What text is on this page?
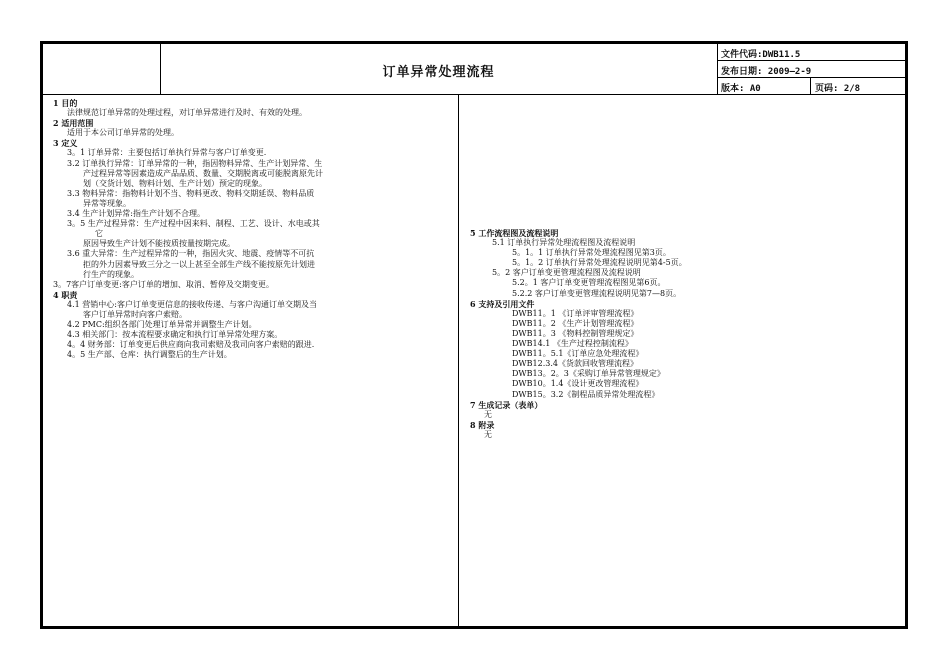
订单异常处理流程
文件代码:DWB11.5
发布日期: 2009—2-9
版本: A0	页码: 2/8
1 目的
法律规范订单异常的处理过程，对订单异常进行及时、有效的处理。
2 适用范围
适用于本公司订单异常的处理。
3 定义
3。1 订单异常：主要包括订单执行异常与客户订单变更.
3.2 订单执行异常：订单异常的一种，指因物料异常、生产计划异常、生
产过程异常等因素造成产品品质、数量、交期脱离或可能脱离原先计
划（交货计划、物料计划、生产计划）预定的现象。
3.3 物料异常：指物料计划不当、物料更改、物料交期延误、物料品质
异常等现象。
3.4 生产计划异常:指生产计划不合理。
3。5 生产过程异常：生产过程中因来料、制程、工艺、设计、水电或其
它
原因导致生产计划不能按质按量按期完成。
3.6 重大异常：生产过程异常的一种，指因火灾、地震、疫情等不可抗
拒的外力因素导致三分之一以上甚至全部生产线不能按原先计划进
行生产的现象。
3。7客户订单变更:客户订单的增加、取消、暂停及交期变更。
4 职责
4.1 营销中心:客户订单变更信息的接收传递、与客户沟通订单交期及当
客户订单异常时向客户索赔。
4.2 PMC:组织各部门处理订单异常并调整生产计划。
4.3 相关部门：按本流程要求确定和执行订单异常处理方案。
4。4 财务部：订单变更后供应商向我司索赔及我司向客户索赔的跟进.
4。5 生产部、仓库：执行调整后的生产计划。
5 工作流程图及流程说明
5.1 订单执行异常处理流程图及流程说明
5。1。1 订单执行异常处理流程图见第3页。
5。1。2 订单执行异常处理流程说明见第4-5页。
5。2 客户订单变更管理流程图及流程说明
5.2。1 客户订单变更管理流程图见第6页。
5.2.2 客户订单变更管理流程说明见第7—8页。
6 支持及引用文件
DWB11。1 《订单评审管理流程》
DWB11。2 《生产计划管理流程》
DWB11。3 《物料控制管理规定》
DWB14.1 《生产过程控制流程》
DWB11。5.1《订单应急处理流程》
DWB12.3.4《货款回收管理流程》
DWB13。2。3《采购订单异常管理规定》
DWB10。1.4《设计更改管理流程》
DWB15。3.2《制程品质异常处理流程》
7 生成记录（表单）
无
8 附录
无
